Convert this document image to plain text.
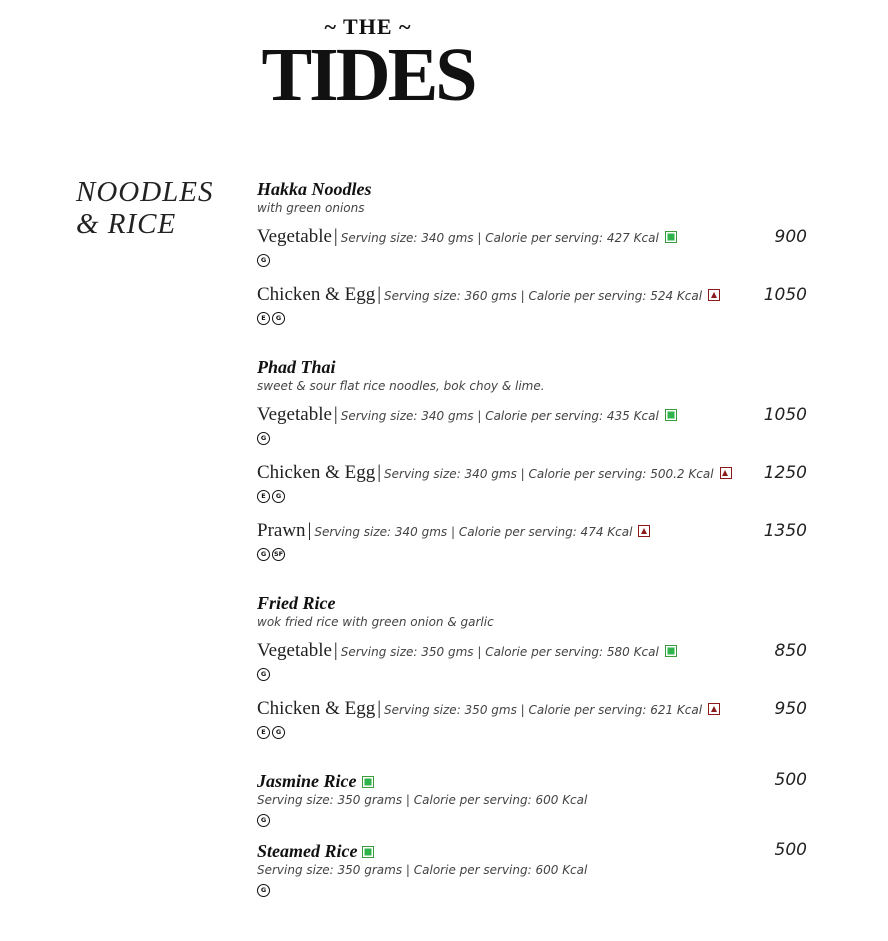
~ THE ~
TIDES
NOODLES
& RICE
Hakka Noodles
with green onions
Vegetable | Serving size: 340 gms | Calorie per serving: 427 Kcal	900
G
Chicken & Egg | Serving size: 360 gms | Calorie per serving: 524 Kcal	1050
E	G
Phad Thai
sweet & sour flat rice noodles, bok choy & lime.
Vegetable | Serving size: 340 gms | Calorie per serving: 435 Kcal	1050
G
Chicken & Egg | Serving size: 340 gms | Calorie per serving: 500.2 Kcal	1250
E	G
Prawn | Serving size: 340 gms | Calorie per serving: 474 Kcal	1350
G	SF
Fried Rice
wok fried rice with green onion & garlic
Vegetable | Serving size: 350 gms | Calorie per serving: 580 Kcal	850
G
Chicken & Egg | Serving size: 350 gms | Calorie per serving: 621 Kcal	950
E	G
Jasmine Rice	500
Serving size: 350 grams | Calorie per serving: 600 Kcal
G
Steamed Rice	500
Serving size: 350 grams | Calorie per serving: 600 Kcal
G
